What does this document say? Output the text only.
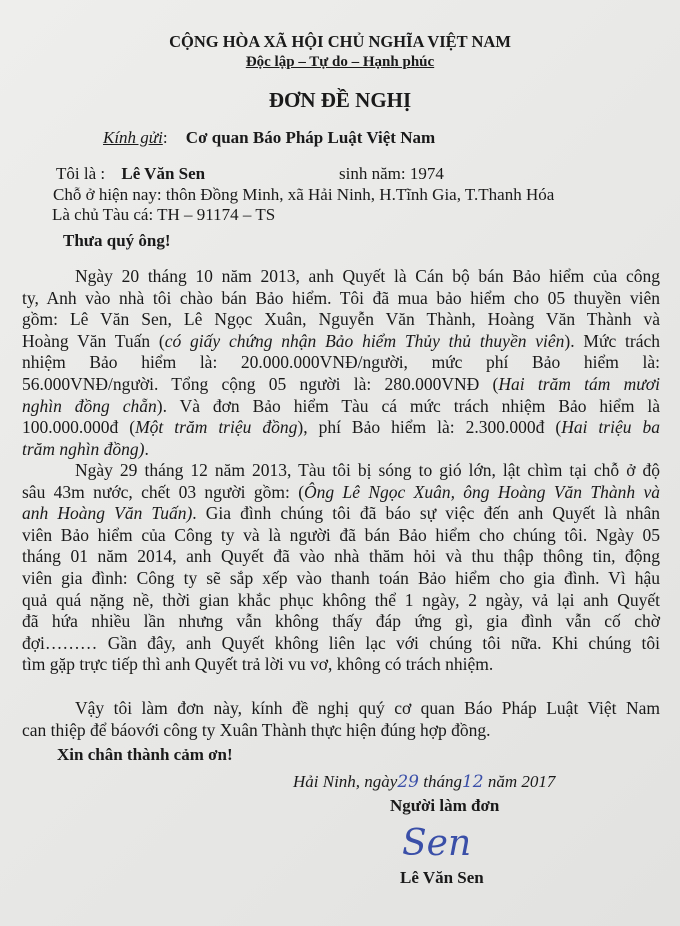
CỘNG HÒA XÃ HỘI CHỦ NGHĨA VIỆT NAM
Độc lập – Tự do – Hạnh phúc
ĐƠN ĐỀ NGHỊ
Kính gửi: Cơ quan Báo Pháp Luật Việt Nam
Tôi là : Lê Văn Sen	sinh năm: 1974
Chỗ ở hiện nay: thôn Đồng Minh, xã Hải Ninh, H.Tĩnh Gia, T.Thanh Hóa
Là chủ Tàu cá: TH – 91174 – TS
Thưa quý ông!
Ngày 20 tháng 10 năm 2013, anh Quyết là Cán bộ bán Bảo hiểm của công
ty, Anh vào nhà tôi chào bán Bảo hiểm. Tôi đã mua bảo hiểm cho 05 thuyền viên
gồm: Lê Văn Sen, Lê Ngọc Xuân, Nguyễn Văn Thành, Hoàng Văn Thành và
Hoàng Văn Tuấn (có giấy chứng nhận Bảo hiểm Thủy thủ thuyền viên). Mức trách
nhiệm Bảo hiểm là: 20.000.000VNĐ/người, mức phí Bảo hiểm là:
56.000VNĐ/người. Tổng cộng 05 người là: 280.000VNĐ (Hai trăm tám mươi
nghìn đồng chẵn). Và đơn Bảo hiểm Tàu cá mức trách nhiệm Bảo hiểm là
100.000.000đ (Một trăm triệu đồng), phí Bảo hiểm là: 2.300.000đ (Hai triệu ba
trăm nghìn đồng).
Ngày 29 tháng 12 năm 2013, Tàu tôi bị sóng to gió lớn, lật chìm tại chỗ ở độ
sâu 43m nước, chết 03 người gồm: (Ông Lê Ngọc Xuân, ông Hoàng Văn Thành và
anh Hoàng Văn Tuấn). Gia đình chúng tôi đã báo sự việc đến anh Quyết là nhân
viên Bảo hiểm của Công ty và là người đã bán Bảo hiểm cho chúng tôi. Ngày 05
tháng 01 năm 2014, anh Quyết đã vào nhà thăm hỏi và thu thập thông tin, động
viên gia đình: Công ty sẽ sắp xếp vào thanh toán Bảo hiểm cho gia đình. Vì hậu
quả quá nặng nề, thời gian khắc phục không thể 1 ngày, 2 ngày, vả lại anh Quyết
đã hứa nhiều lần nhưng vẫn không thấy đáp ứng gì, gia đình vẫn cố chờ
đợi……… Gần đây, anh Quyết không liên lạc với chúng tôi nữa. Khi chúng tôi
tìm gặp trực tiếp thì anh Quyết trả lời vu vơ, không có trách nhiệm.
Vậy tôi làm đơn này, kính đề nghị quý cơ quan Báo Pháp Luật Việt Nam
can thiệp để báovới công ty Xuân Thành thực hiện đúng hợp đồng.
Xin chân thành cảm ơn!
Hải Ninh, ngày29 tháng12 năm 2017
Người làm đơn
Sen
Lê Văn Sen
